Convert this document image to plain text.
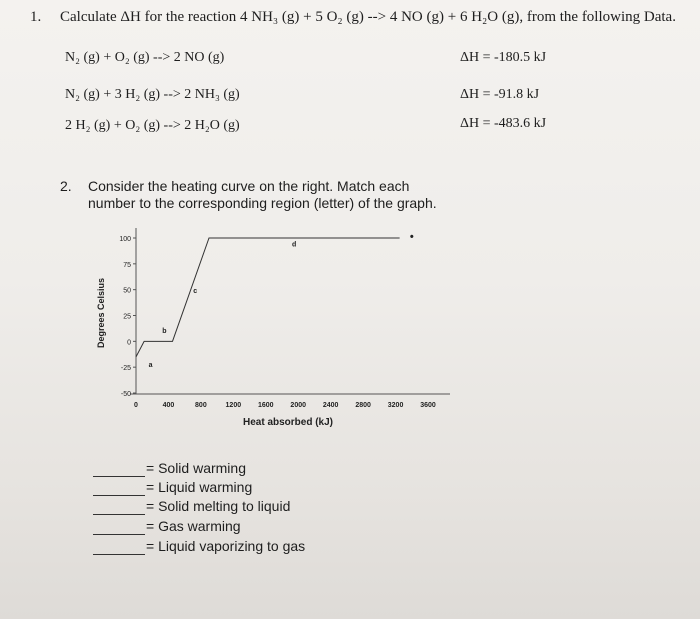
1. Calculate ΔH for the reaction 4 NH₃ (g) + 5 O₂ (g) --> 4 NO (g) + 6 H₂O (g), from the following Data.
N₂ (g) + O₂ (g) --> 2 NO (g)	ΔH = -180.5 kJ
N₂ (g) + 3 H₂ (g) --> 2 NH₃ (g)	ΔH = -91.8 kJ
2 H₂ (g) + O₂ (g) --> 2 H₂O (g)	ΔH = -483.6 kJ
2. Consider the heating curve on the right. Match each
number to the corresponding region (letter) of the graph.
100
75
50
25
0
-25
-50
0	400	800	1200 1600 2000 2400 2800 3200 3600
a
b
c
d
•
Degrees Celsius
Heat absorbed (kJ)
= Solid warming
= Liquid warming
= Solid melting to liquid
= Gas warming
= Liquid vaporizing to gas
